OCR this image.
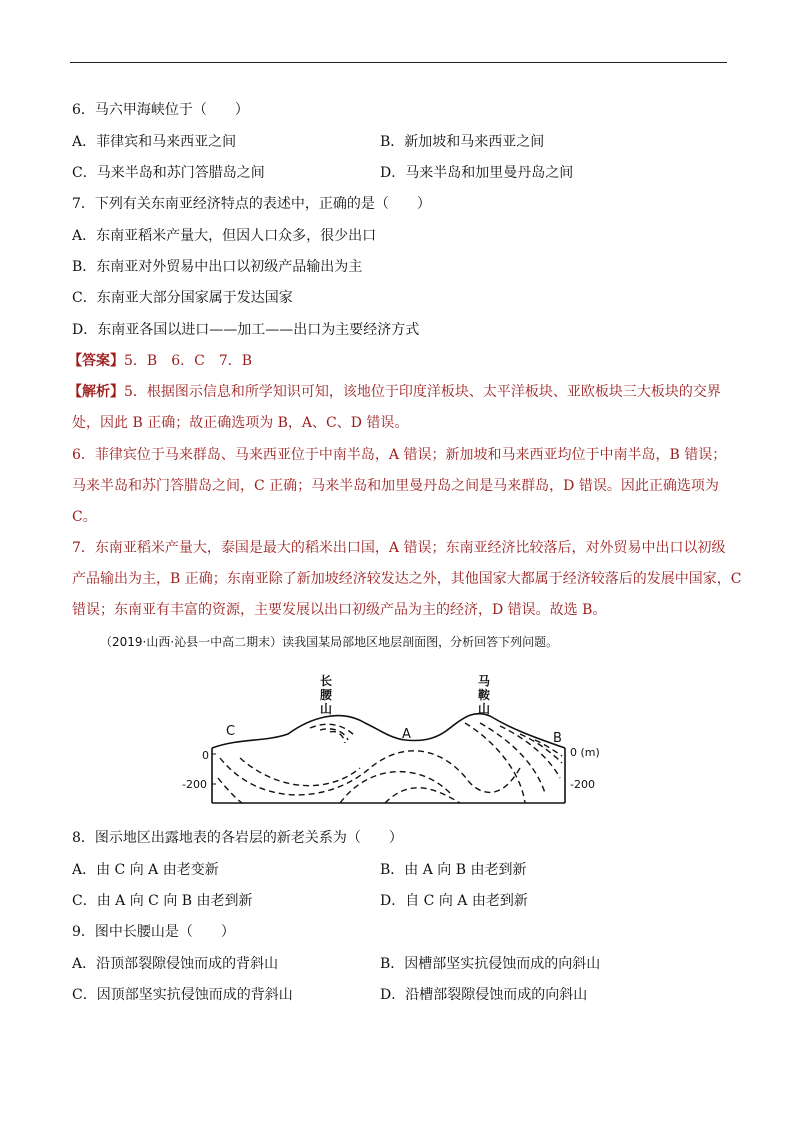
6．马六甲海峡位于（　　）
A．菲律宾和马来西亚之间	B．新加坡和马来西亚之间
C．马来半岛和苏门答腊岛之间	D．马来半岛和加里曼丹岛之间
7．下列有关东南亚经济特点的表述中，正确的是（　　）
A．东南亚稻米产量大，但因人口众多，很少出口
B．东南亚对外贸易中出口以初级产品输出为主
C．东南亚大部分国家属于发达国家
D．东南亚各国以进口——加工——出口为主要经济方式
【答案】5．B　6．C　7．B
【解析】5．根据图示信息和所学知识可知，该地位于印度洋板块、太平洋板块、亚欧板块三大板块的交界
处，因此 B 正确；故正确选项为 B，A、C、D 错误。
6．菲律宾位于马来群岛、马来西亚位于中南半岛，A 错误；新加坡和马来西亚均位于中南半岛，B 错误；
马来半岛和苏门答腊岛之间，C 正确；马来半岛和加里曼丹岛之间是马来群岛，D 错误。因此正确选项为
C。
7．东南亚稻米产量大，泰国是最大的稻米出口国，A 错误；东南亚经济比较落后，对外贸易中出口以初级
产品输出为主，B 正确；东南亚除了新加坡经济较发达之外，其他国家大都属于经济较落后的发展中国家，C
错误；东南亚有丰富的资源，主要发展以出口初级产品为主的经济，D 错误。故选 B。
（2019·山西·沁县一中高二期末）读我国某局部地区地层剖面图，分析回答下列问题。
长
腰
山
马
鞍
山
C	A	B
0
-200
0 (m)
-200
8．图示地区出露地表的各岩层的新老关系为（　　）
A．由 C 向 A 由老变新	B．由 A 向 B 由老到新
C．由 A 向 C 向 B 由老到新	D．自 C 向 A 由老到新
9．图中长腰山是（　　）
A．沿顶部裂隙侵蚀而成的背斜山	B．因槽部坚实抗侵蚀而成的向斜山
C．因顶部坚实抗侵蚀而成的背斜山	D．沿槽部裂隙侵蚀而成的向斜山
